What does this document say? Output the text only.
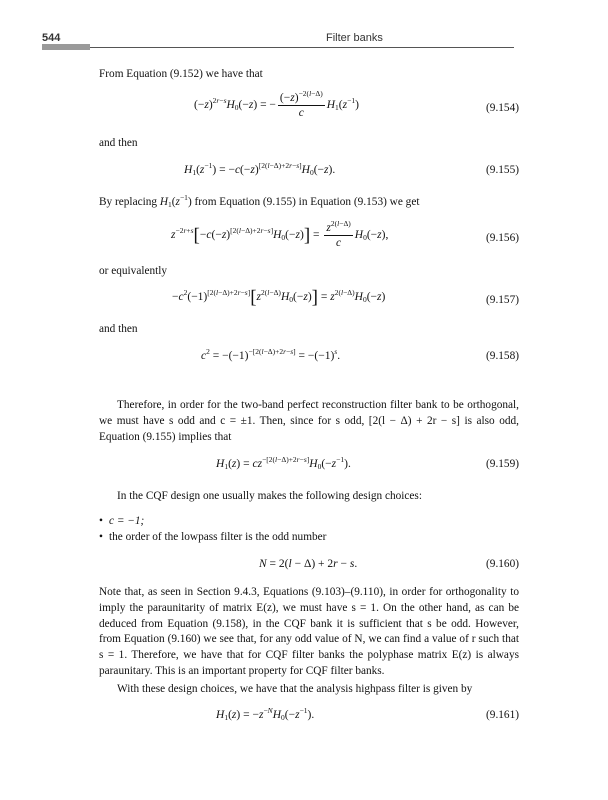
544	Filter banks
From Equation (9.152) we have that
$(-z)^{2r-s}H_0(-z)$ = − $\frac{(-z)^{-2(l-\Delta)}}{c} H_1(z^{-1})$	(9.154)
and then
$H_1(z^{-1}) = -c(-z)[2(l-\Delta)+2r-s]H_0(-z)$.	(9.155)
By replacing $H_1(z^{-1})$ from Equation (9.155) in Equation (9.153) we get
$z^{-2r+s}[-c(-z)[2(l-\Delta)+2r-s]H_0(-z)] = \frac{z^{2(l-\Delta)}}{c} H_0(-z)$,	(9.156)
or equivalently
$-c^2(-1)[2(l-\Delta)+2r-s][z^{2(l-\Delta)}H_0(-z)] = z^{2(l-\Delta)}H_0(-z)$	(9.157)
and then
$c^2 = -(-1)^{-[2(l-\Delta)+2r-s]} = -(-1)^s$.	(9.158)
Therefore, in order for the two-band perfect reconstruction filter bank to be orthogonal, we must have s odd and c = ±1. Then, since for s odd, [2(l − Δ) + 2r − s] is also odd, Equation (9.155) implies that
$H_1(z) = cz^{-[2(l-\Delta)+2r-s]}H_0(-z^{-1})$.	(9.159)
In the CQF design one usually makes the following design choices:
• c = −1;
• the order of the lowpass filter is the odd number
N = 2(l − Δ) + 2r − s.	(9.160)
Note that, as seen in Section 9.4.3, Equations (9.103)–(9.110), in order for orthogonality to imply the paraunitarity of matrix E(z), we must have s = 1. On the other hand, as can be deduced from Equation (9.158), in the CQF bank it is sufficient that s be odd. However, from Equation (9.160) we see that, for any odd value of N, we can find a value of r such that s = 1. Therefore, we have that for CQF filter banks the polyphase matrix E(z) is always paraunitary. This is an important property for CQF filter banks.
With these design choices, we have that the analysis highpass filter is given by
$H_1(z) = -z^{-N}H_0(-z^{-1})$.	(9.161)
